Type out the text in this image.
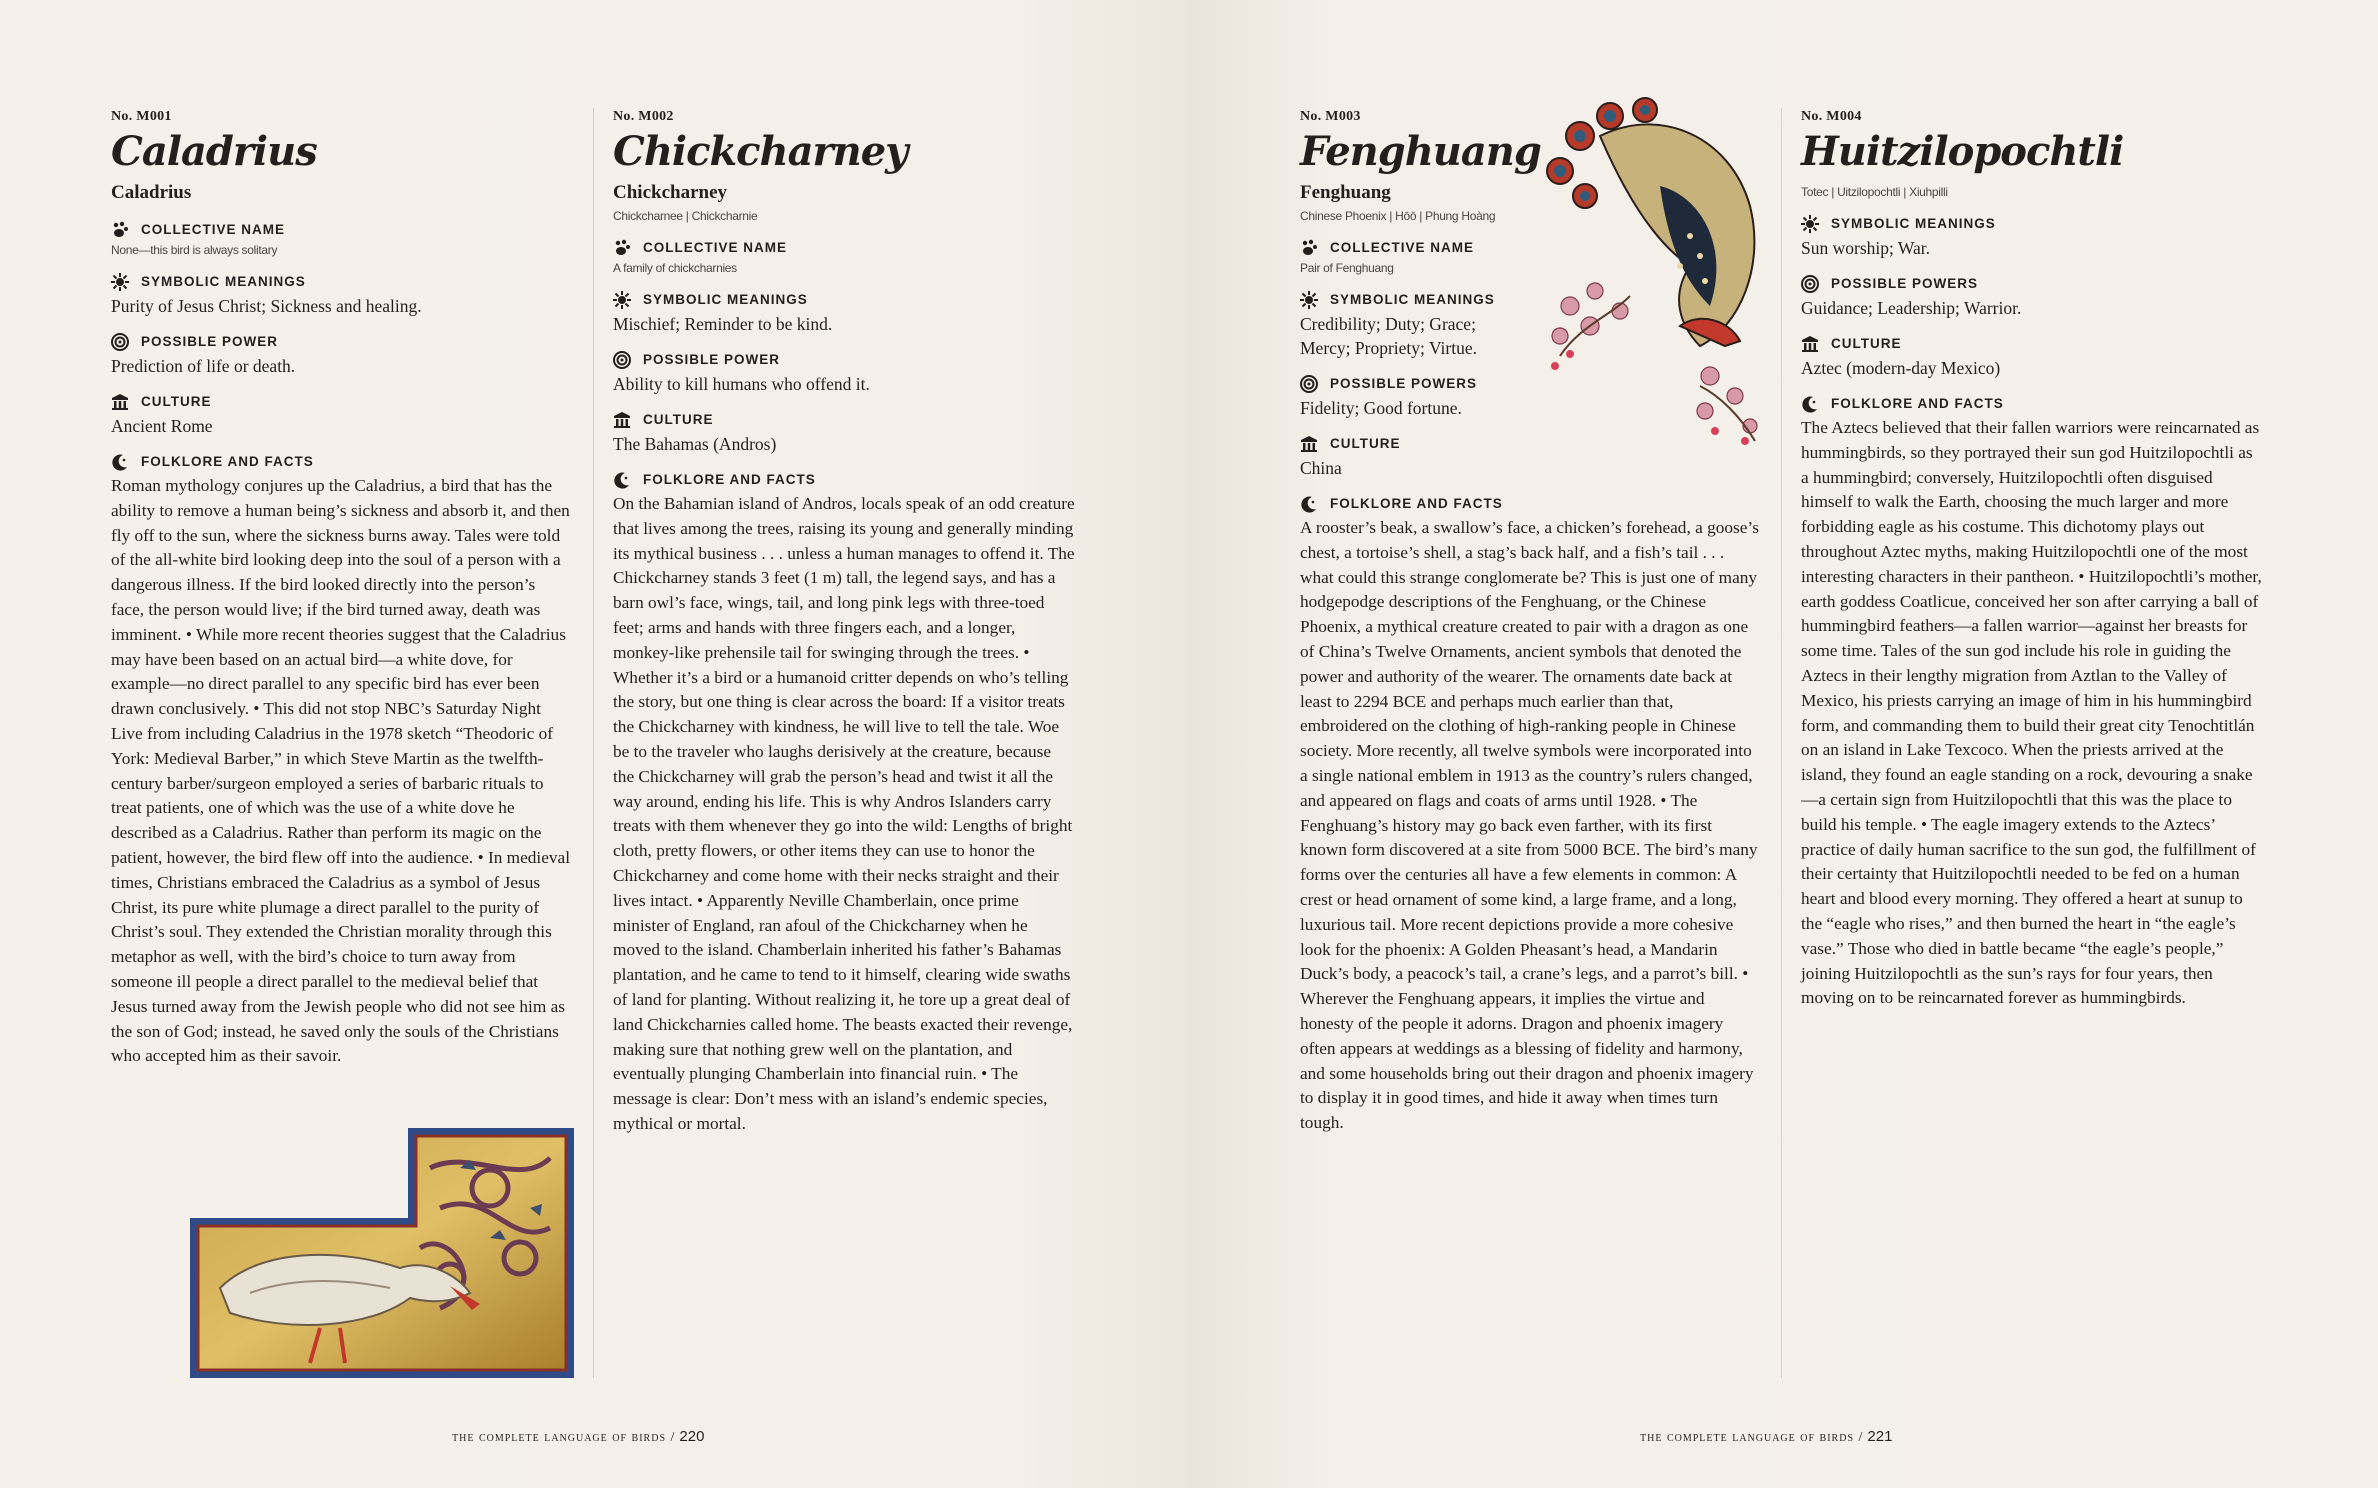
No. M001

Caladrius

Caladrius

COLLECTIVE NAME

None—this bird is always solitary

SYMBOLIC MEANINGS

Purity of Jesus Christ; Sickness and healing.

POSSIBLE POWER

Prediction of life or death.

CULTURE

Ancient Rome

FOLKLORE AND FACTS

Roman mythology conjures up the Caladrius, a bird that has the ability to remove a human being’s sickness and absorb it, and then fly off to the sun, where the sickness burns away. Tales were told of the all-white bird looking deep into the soul of a person with a dangerous illness. If the bird looked directly into the person’s face, the person would live; if the bird turned away, death was imminent. • While more recent theories suggest that the Caladrius may have been based on an actual bird—a white dove, for example—no direct parallel to any specific bird has ever been drawn conclusively. • This did not stop NBC’s Saturday Night Live from including Caladrius in the 1978 sketch “Theodoric of York: Medieval Barber,” in which Steve Martin as the twelfth-century barber/surgeon employed a series of barbaric rituals to treat patients, one of which was the use of a white dove he described as a Caladrius. Rather than perform its magic on the patient, however, the bird flew off into the audience. • In medieval times, Christians embraced the Caladrius as a symbol of Jesus Christ, its pure white plumage a direct parallel to the purity of Christ’s soul. They extended the Christian morality through this metaphor as well, with the bird’s choice to turn away from someone ill people a direct parallel to the medieval belief that Jesus turned away from the Jewish people who did not see him as the son of God; instead, he saved only the souls of the Christians who accepted him as their savoir.

No. M002

Chickcharney

Chickcharney

Chickcharnee | Chickcharnie

COLLECTIVE NAME

A family of chickcharnies

SYMBOLIC MEANINGS

Mischief; Reminder to be kind.

POSSIBLE POWER

Ability to kill humans who offend it.

CULTURE

The Bahamas (Andros)

FOLKLORE AND FACTS

On the Bahamian island of Andros, locals speak of an odd creature that lives among the trees, raising its young and generally minding its mythical business . . . unless a human manages to offend it. The Chickcharney stands 3 feet (1 m) tall, the legend says, and has a barn owl’s face, wings, tail, and long pink legs with three-toed feet; arms and hands with three fingers each, and a longer, monkey-like prehensile tail for swinging through the trees. • Whether it’s a bird or a humanoid critter depends on who’s telling the story, but one thing is clear across the board: If a visitor treats the Chickcharney with kindness, he will live to tell the tale. Woe be to the traveler who laughs derisively at the creature, because the Chickcharney will grab the person’s head and twist it all the way around, ending his life. This is why Andros Islanders carry treats with them whenever they go into the wild: Lengths of bright cloth, pretty flowers, or other items they can use to honor the Chickcharney and come home with their necks straight and their lives intact. • Apparently Neville Chamberlain, once prime minister of England, ran afoul of the Chickcharney when he moved to the island. Chamberlain inherited his father’s Bahamas plantation, and he came to tend to it himself, clearing wide swaths of land for planting. Without realizing it, he tore up a great deal of land Chickcharnies called home. The beasts exacted their revenge, making sure that nothing grew well on the plantation, and eventually plunging Chamberlain into financial ruin. • The message is clear: Don’t mess with an island’s endemic species, mythical or mortal.

No. M003

Fenghuang

Fenghuang

Chinese Phoenix | Hōō | Phung Hoàng

COLLECTIVE NAME

Pair of Fenghuang

SYMBOLIC MEANINGS

Credibility; Duty; Grace; Mercy; Propriety; Virtue.

POSSIBLE POWERS

Fidelity; Good fortune.

CULTURE

China

FOLKLORE AND FACTS

A rooster’s beak, a swallow’s face, a chicken’s forehead, a goose’s chest, a tortoise’s shell, a stag’s back half, and a fish’s tail . . . what could this strange conglomerate be? This is just one of many hodgepodge descriptions of the Fenghuang, or the Chinese Phoenix, a mythical creature created to pair with a dragon as one of China’s Twelve Ornaments, ancient symbols that denoted the power and authority of the wearer. The ornaments date back at least to 2294 BCE and perhaps much earlier than that, embroidered on the clothing of high-ranking people in Chinese society. More recently, all twelve symbols were incorporated into a single national emblem in 1913 as the country’s rulers changed, and appeared on flags and coats of arms until 1928. • The Fenghuang’s history may go back even farther, with its first known form discovered at a site from 5000 BCE. The bird’s many forms over the centuries all have a few elements in common: A crest or head ornament of some kind, a large frame, and a long, luxurious tail. More recent depictions provide a more cohesive look for the phoenix: A Golden Pheasant’s head, a Mandarin Duck’s body, a peacock’s tail, a crane’s legs, and a parrot’s bill. • Wherever the Fenghuang appears, it implies the virtue and honesty of the people it adorns. Dragon and phoenix imagery often appears at weddings as a blessing of fidelity and harmony, and some households bring out their dragon and phoenix imagery to display it in good times, and hide it away when times turn tough.

No. M004

Huitzilopochtli

Totec | Uitzilopochtli | Xiuhpilli

SYMBOLIC MEANINGS

Sun worship; War.

POSSIBLE POWERS

Guidance; Leadership; Warrior.

CULTURE

Aztec (modern-day Mexico)

FOLKLORE AND FACTS

The Aztecs believed that their fallen warriors were reincarnated as hummingbirds, so they portrayed their sun god Huitzilopochtli as a hummingbird; conversely, Huitzilopochtli often disguised himself to walk the Earth, choosing the much larger and more forbidding eagle as his costume. This dichotomy plays out throughout Aztec myths, making Huitzilopochtli one of the most interesting characters in their pantheon. • Huitzilopochtli’s mother, earth goddess Coatlicue, conceived her son after carrying a ball of hummingbird feathers—a fallen warrior—against her breasts for some time. Tales of the sun god include his role in guiding the Aztecs in their lengthy migration from Aztlan to the Valley of Mexico, his priests carrying an image of him in his hummingbird form, and commanding them to build their great city Tenochtitlán on an island in Lake Texcoco. When the priests arrived at the island, they found an eagle standing on a rock, devouring a snake—a certain sign from Huitzilopochtli that this was the place to build his temple. • The eagle imagery extends to the Aztecs’ practice of daily human sacrifice to the sun god, the fulfillment of their certainty that Huitzilopochtli needed to be fed on a human heart and blood every morning. They offered a heart at sunup to the “eagle who rises,” and then burned the heart in “the eagle’s vase.” Those who died in battle became “the eagle’s people,” joining Huitzilopochtli as the sun’s rays for four years, then moving on to be reincarnated forever as hummingbirds.

the complete language of birds / 220	the complete language of birds / 221
